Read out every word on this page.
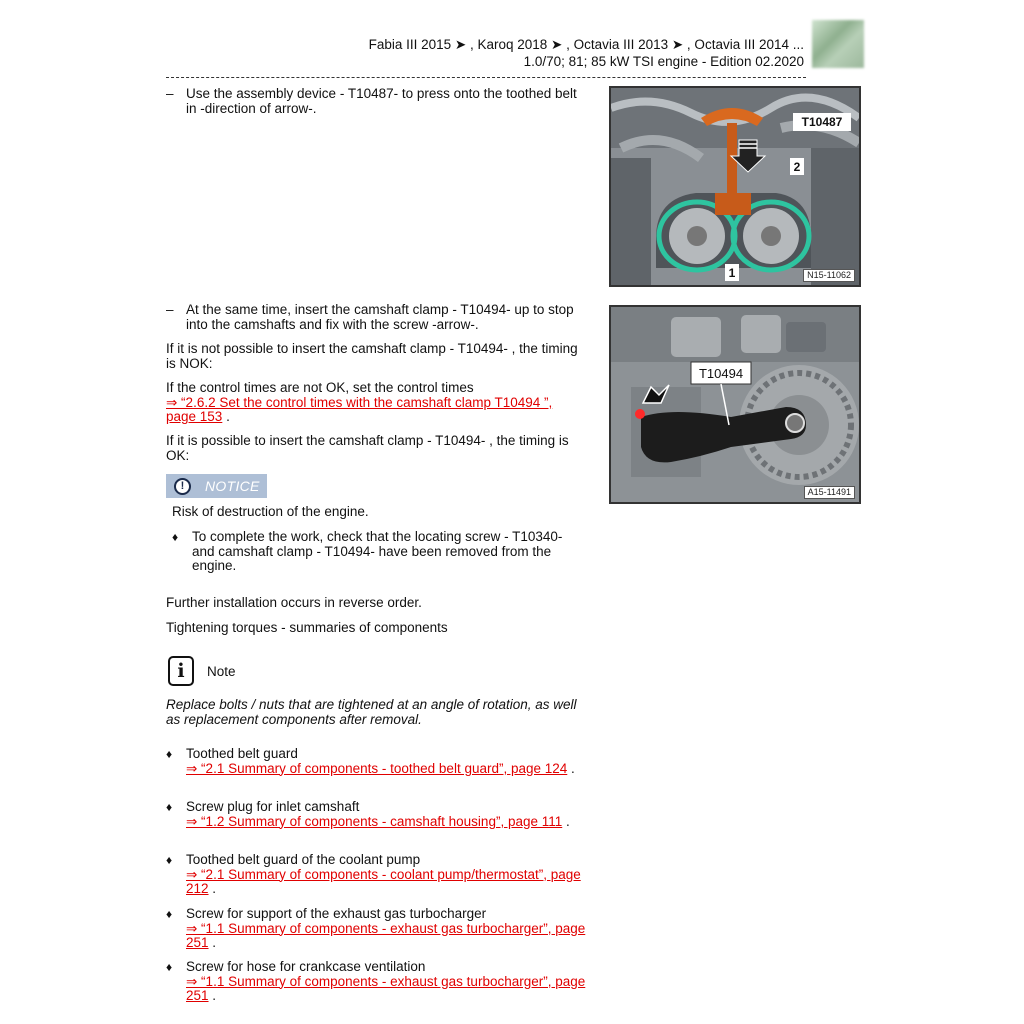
Fabia III 2015 ➤ , Karoq 2018 ➤ , Octavia III 2013 ➤ , Octavia III 2014 ...
1.0/70; 81; 85 kW TSI engine - Edition 02.2020
– Use the assembly device - T10487- to press onto the toothed belt in -direction of arrow-.
T10487
2
1	N15-11062
– At the same time, insert the camshaft clamp - T10494- up to stop into the camshafts and fix with the screw -arrow-.
T10494
A15-11491
If it is not possible to insert the camshaft clamp - T10494- , the timing is NOK:
If the control times are not OK, set the control times
⇒ “2.6.2 Set the control times with the camshaft clamp T10494 ”, page 153 .
If it is possible to insert the camshaft clamp - T10494- , the timing is OK:
!	NOTICE
Risk of destruction of the engine.
♦ To complete the work, check that the locating screw - T10340- and camshaft clamp - T10494- have been removed from the engine.
Further installation occurs in reverse order.
Tightening torques - summaries of components
i	Note
Replace bolts / nuts that are tightened at an angle of rotation, as well as replacement components after removal.
♦ Toothed belt guard
⇒ “2.1 Summary of components - toothed belt guard”, page 124 .
♦ Screw plug for inlet camshaft
⇒ “1.2 Summary of components - camshaft housing”, page 111 .
♦ Toothed belt guard of the coolant pump
⇒ “2.1 Summary of components - coolant pump/thermostat”, page 212 .
♦ Screw for support of the exhaust gas turbocharger
⇒ “1.1 Summary of components - exhaust gas turbocharger”, page 251 .
♦ Screw for hose for crankcase ventilation
⇒ “1.1 Summary of components - exhaust gas turbocharger”, page 251 .
